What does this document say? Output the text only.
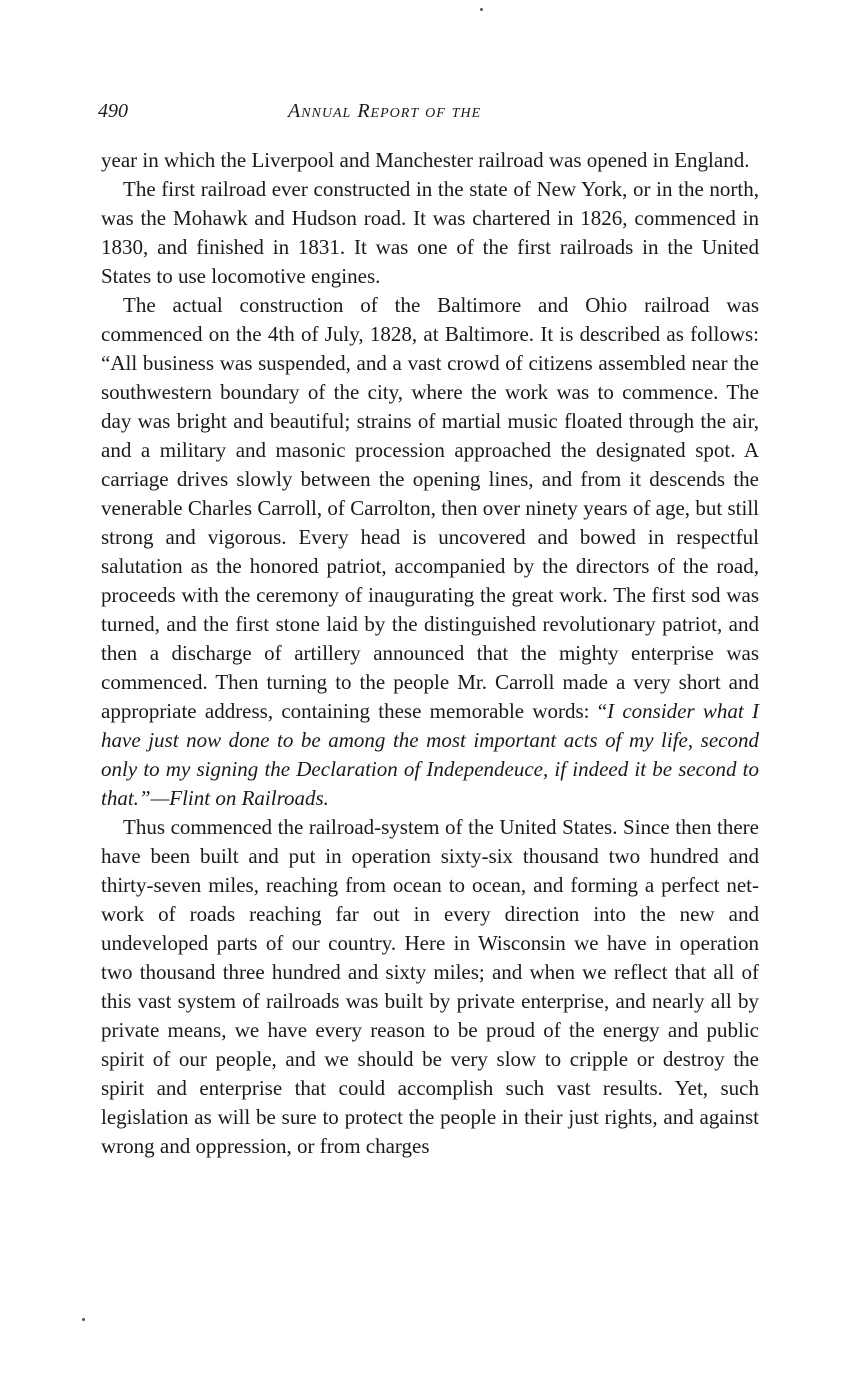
490	Annual Report of the

year in which the Liverpool and Manchester railroad was opened in England.

The first railroad ever constructed in the state of New York, or in the north, was the Mohawk and Hudson road. It was chartered in 1826, commenced in 1830, and finished in 1831. It was one of the first railroads in the United States to use locomotive engines.

The actual construction of the Baltimore and Ohio railroad was commenced on the 4th of July, 1828, at Baltimore. It is described as follows: “All business was suspended, and a vast crowd of citizens assembled near the southwestern boundary of the city, where the work was to commence. The day was bright and beautiful; strains of martial music floated through the air, and a military and masonic procession approached the designated spot. A carriage drives slowly between the opening lines, and from it descends the venerable Charles Carroll, of Carrolton, then over ninety years of age, but still strong and vigorous. Every head is uncovered and bowed in respectful salutation as the honored patriot, accompanied by the directors of the road, proceeds with the ceremony of inaugurating the great work. The first sod was turned, and the first stone laid by the distinguished revolutionary patriot, and then a discharge of artillery announced that the mighty enterprise was commenced. Then turning to the people Mr. Carroll made a very short and appropriate address, containing these memorable words: “I consider what I have just now done to be among the most important acts of my life, second only to my signing the Declaration of Independeuce, if indeed it be second to that.”—Flint on Railroads.

Thus commenced the railroad-system of the United States. Since then there have been built and put in operation sixty-six thousand two hundred and thirty-seven miles, reaching from ocean to ocean, and forming a perfect net-work of roads reaching far out in every direction into the new and undeveloped parts of our country. Here in Wisconsin we have in operation two thousand three hundred and sixty miles; and when we reflect that all of this vast system of railroads was built by private enterprise, and nearly all by private means, we have every reason to be proud of the energy and public spirit of our people, and we should be very slow to cripple or destroy the spirit and enterprise that could accomplish such vast results. Yet, such legislation as will be sure to protect the people in their just rights, and against wrong and oppression, or from charges
